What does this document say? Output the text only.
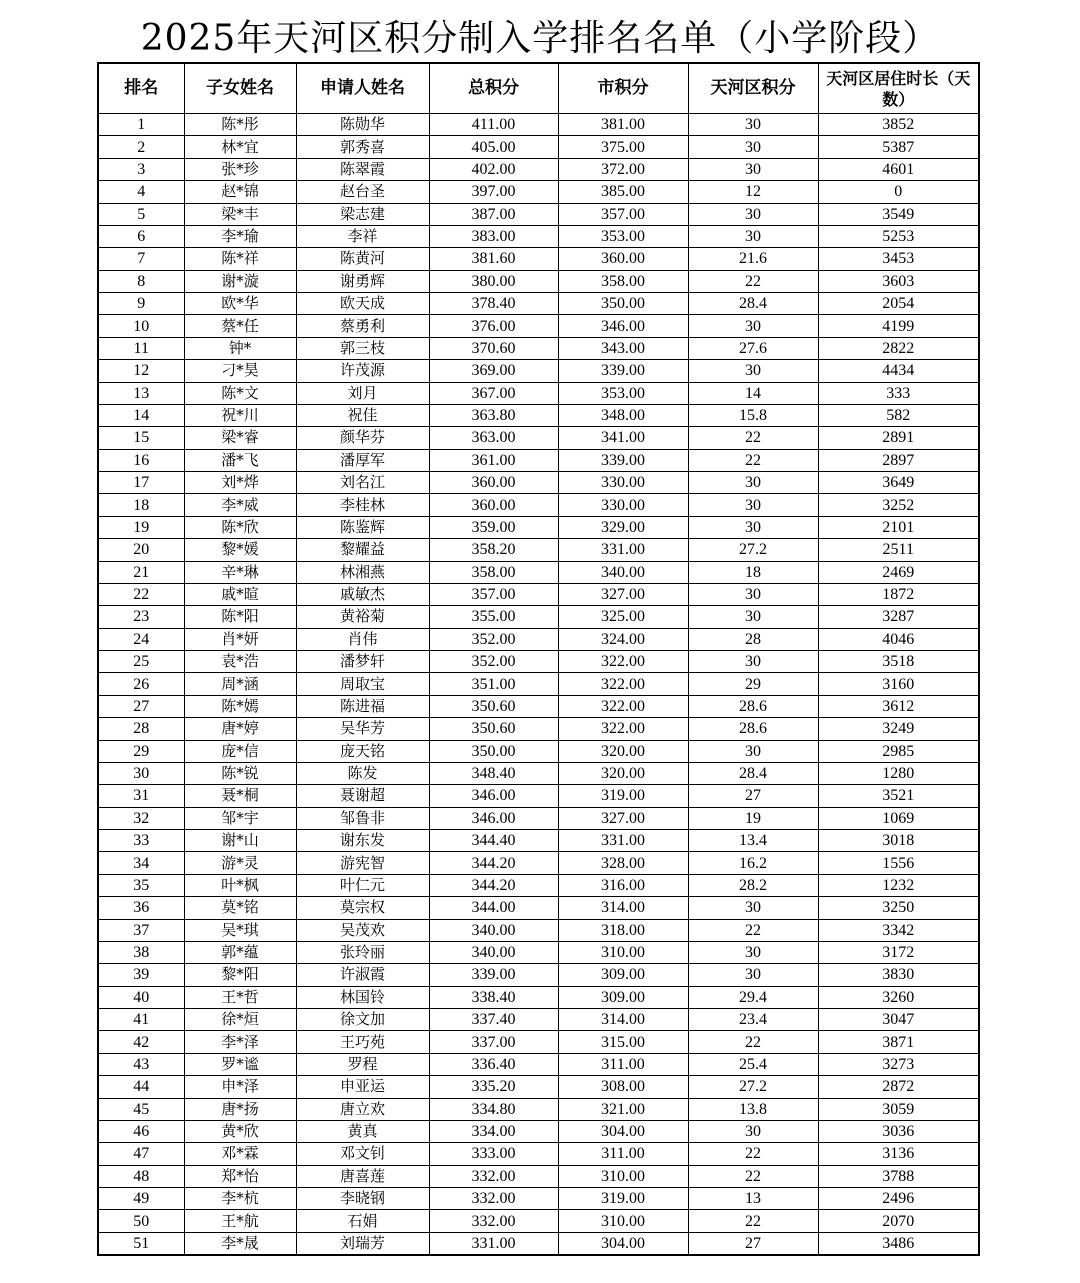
2025年天河区积分制入学排名名单（小学阶段）
排名	子女姓名	申请人姓名	总积分	市积分	天河区积分	天河区居住时长（天数）
1	陈*彤	陈勋华	411.00	381.00	30	3852
2	林*宜	郭秀喜	405.00	375.00	30	5387
3	张*珍	陈翠霞	402.00	372.00	30	4601
4	赵*锦	赵台圣	397.00	385.00	12	0
5	梁*丰	梁志建	387.00	357.00	30	3549
6	李*瑜	李祥	383.00	353.00	30	5253
7	陈*祥	陈黄河	381.60	360.00	21.6	3453
8	谢*漩	谢勇辉	380.00	358.00	22	3603
9	欧*华	欧天成	378.40	350.00	28.4	2054
10	蔡*任	蔡勇利	376.00	346.00	30	4199
11	钟*	郭三枝	370.60	343.00	27.6	2822
12	刁*昊	许茂源	369.00	339.00	30	4434
13	陈*文	刘月	367.00	353.00	14	333
14	祝*川	祝佳	363.80	348.00	15.8	582
15	梁*睿	颜华芬	363.00	341.00	22	2891
16	潘*飞	潘厚军	361.00	339.00	22	2897
17	刘*烨	刘名江	360.00	330.00	30	3649
18	李*威	李桂林	360.00	330.00	30	3252
19	陈*欣	陈鉴辉	359.00	329.00	30	2101
20	黎*媛	黎耀益	358.20	331.00	27.2	2511
21	辛*琳	林湘燕	358.00	340.00	18	2469
22	戚*暄	戚敏杰	357.00	327.00	30	1872
23	陈*阳	黄裕菊	355.00	325.00	30	3287
24	肖*妍	肖伟	352.00	324.00	28	4046
25	袁*浩	潘梦轩	352.00	322.00	30	3518
26	周*涵	周取宝	351.00	322.00	29	3160
27	陈*嫣	陈进福	350.60	322.00	28.6	3612
28	唐*婷	吴华芳	350.60	322.00	28.6	3249
29	庞*信	庞天铭	350.00	320.00	30	2985
30	陈*锐	陈发	348.40	320.00	28.4	1280
31	聂*桐	聂谢超	346.00	319.00	27	3521
32	邹*宇	邹鲁非	346.00	327.00	19	1069
33	谢*山	谢东发	344.40	331.00	13.4	3018
34	游*灵	游宪智	344.20	328.00	16.2	1556
35	叶*枫	叶仁元	344.20	316.00	28.2	1232
36	莫*铭	莫宗权	344.00	314.00	30	3250
37	吴*琪	吴茂欢	340.00	318.00	22	3342
38	郭*蕴	张玲丽	340.00	310.00	30	3172
39	黎*阳	许淑霞	339.00	309.00	30	3830
40	王*哲	林国铃	338.40	309.00	29.4	3260
41	徐*烜	徐文加	337.40	314.00	23.4	3047
42	李*泽	王巧苑	337.00	315.00	22	3871
43	罗*谧	罗程	336.40	311.00	25.4	3273
44	申*泽	申亚运	335.20	308.00	27.2	2872
45	唐*扬	唐立欢	334.80	321.00	13.8	3059
46	黄*欣	黄真	334.00	304.00	30	3036
47	邓*霖	邓文钊	333.00	311.00	22	3136
48	郑*怡	唐喜莲	332.00	310.00	22	3788
49	李*杭	李晓钢	332.00	319.00	13	2496
50	王*航	石娟	332.00	310.00	22	2070
51	李*晟	刘瑞芳	331.00	304.00	27	3486
